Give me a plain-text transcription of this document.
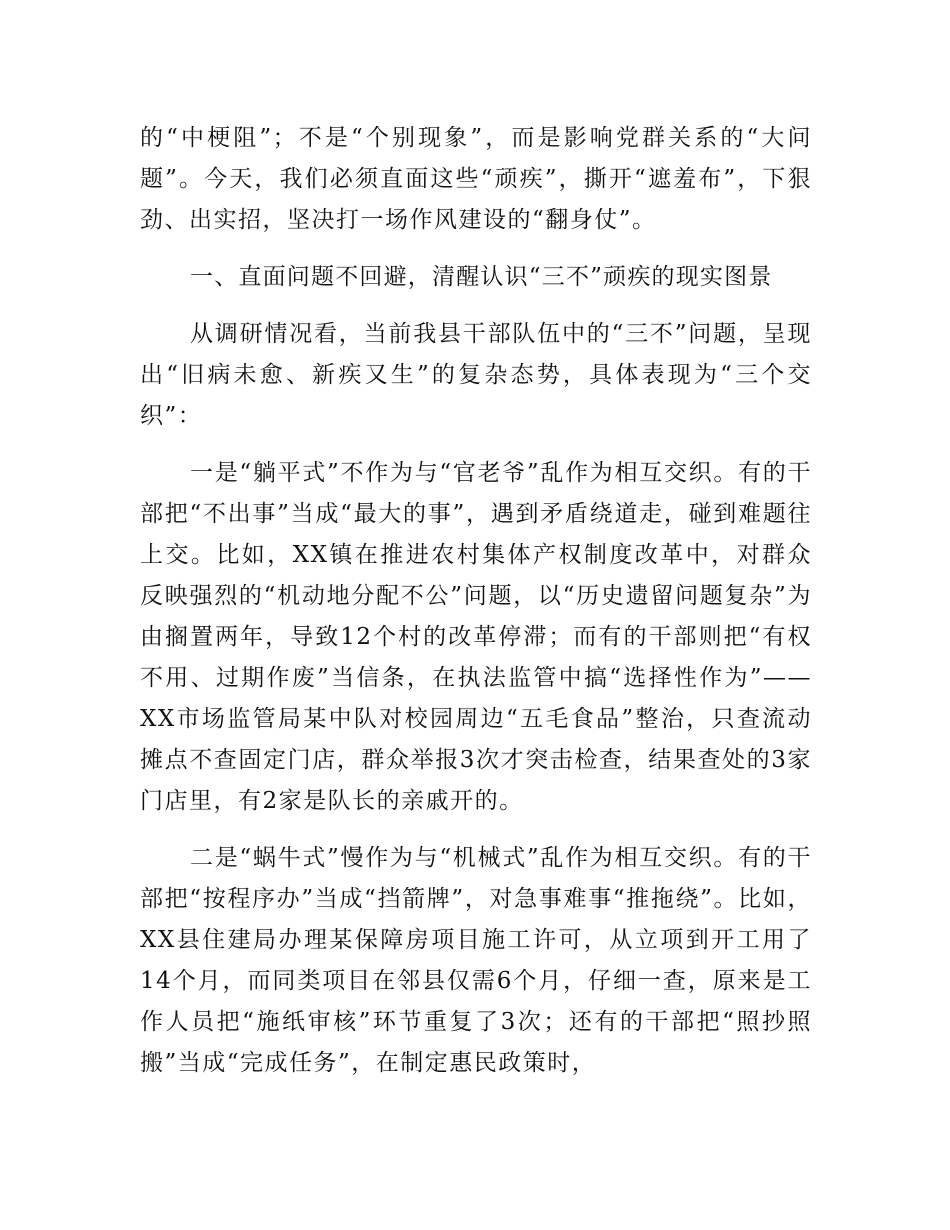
的“中梗阻”；不是“个别现象”，而是影响党群关系的“大问题”。今天，我们必须直面这些“顽疾”，撕开“遮羞布”，下狠劲、出实招，坚决打一场作风建设的“翻身仗”。

一、直面问题不回避，清醒认识“三不”顽疾的现实图景

从调研情况看，当前我县干部队伍中的“三不”问题，呈现出“旧病未愈、新疾又生”的复杂态势，具体表现为“三个交织”：

一是“躺平式”不作为与“官老爷”乱作为相互交织。有的干部把“不出事”当成“最大的事”，遇到矛盾绕道走，碰到难题往上交。比如，XX镇在推进农村集体产权制度改革中，对群众反映强烈的“机动地分配不公”问题，以“历史遗留问题复杂”为由搁置两年，导致12个村的改革停滞；而有的干部则把“有权不用、过期作废”当信条，在执法监管中搞“选择性作为”——XX市场监管局某中队对校园周边“五毛食品”整治，只查流动摊点不查固定门店，群众举报3次才突击检查，结果查处的3家门店里，有2家是队长的亲戚开的。

二是“蜗牛式”慢作为与“机械式”乱作为相互交织。有的干部把“按程序办”当成“挡箭牌”，对急事难事“推拖绕”。比如，XX县住建局办理某保障房项目施工许可，从立项到开工用了14个月，而同类项目在邻县仅需6个月，仔细一查，原来是工作人员把“施纸审核”环节重复了3次；还有的干部把“照抄照搬”当成“完成任务”，在制定惠民政策时，
